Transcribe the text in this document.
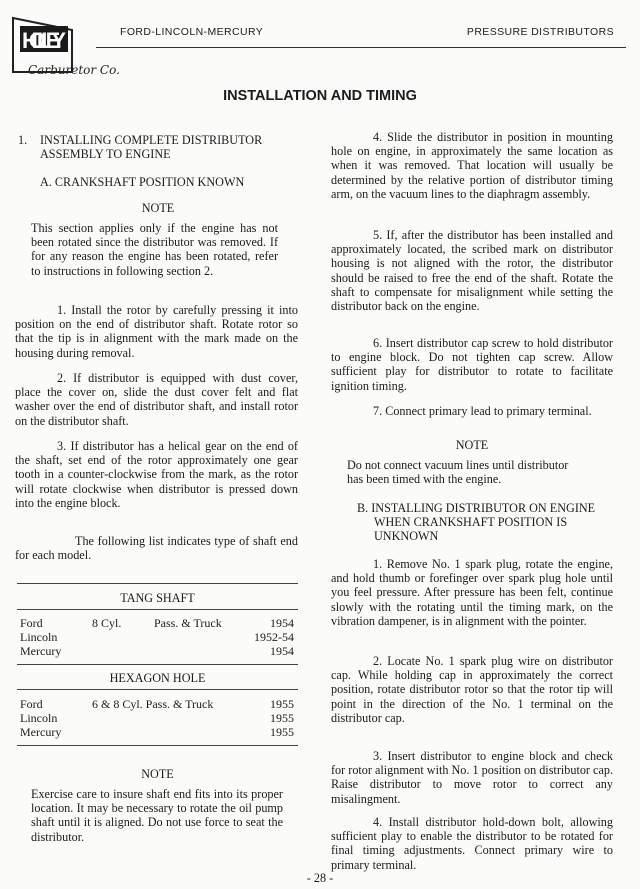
HOLLEY
Carburetor Co.
FORD-LINCOLN-MERCURY	PRESSURE DISTRIBUTORS
INSTALLATION AND TIMING
1. INSTALLING COMPLETE DISTRIBUTOR
ASSEMBLY TO ENGINE
A. CRANKSHAFT POSITION KNOWN
NOTE
This section applies only if the engine has not been rotated since the distributor was removed. If for any reason the engine has been rotated, refer to instructions in following section 2.
1. Install the rotor by carefully pressing it into position on the end of distributor shaft. Rotate rotor so that the tip is in alignment with the mark made on the housing during removal.
2. If distributor is equipped with dust cover, place the cover on, slide the dust cover felt and flat washer over the end of distributor shaft, and install rotor on the distributor shaft.
3. If distributor has a helical gear on the end of the shaft, set end of the rotor approximately one gear tooth in a counter-clockwise from the mark, as the rotor will rotate clockwise when distributor is pressed down into the engine block.
The following list indicates type of shaft end for each model.
TANG SHAFT
Ford	8 Cyl.	Pass. & Truck	1954
Lincoln	1952-54
Mercury	1954
HEXAGON HOLE
Ford	6 & 8 Cyl. Pass. & Truck	1955
Lincoln	1955
Mercury	1955
NOTE
Exercise care to insure shaft end fits into its proper location. It may be necessary to rotate the oil pump shaft until it is aligned. Do not use force to seat the distributor.
4. Slide the distributor in position in mounting hole on engine, in approximately the same location as when it was removed. That location will usually be determined by the relative portion of distributor timing arm, on the vacuum lines to the diaphragm assembly.
5. If, after the distributor has been installed and approximately located, the scribed mark on distributor housing is not aligned with the rotor, the distributor should be raised to free the end of the shaft. Rotate the shaft to compensate for misalignment while setting the distributor back on the engine.
6. Insert distributor cap screw to hold distributor to engine block. Do not tighten cap screw. Allow sufficient play for distributor to rotate to facilitate ignition timing.
7. Connect primary lead to primary terminal.
NOTE
Do not connect vacuum lines until distributor has been timed with the engine.
B. INSTALLING DISTRIBUTOR ON ENGINE
WHEN CRANKSHAFT POSITION IS UNKNOWN
1. Remove No. 1 spark plug, rotate the engine, and hold thumb or forefinger over spark plug hole until you feel pressure. After pressure has been felt, continue slowly with the rotating until the timing mark, on the vibration dampener, is in alignment with the pointer.
2. Locate No. 1 spark plug wire on distributor cap. While holding cap in approximately the correct position, rotate distributor rotor so that the rotor tip will point in the direction of the No. 1 terminal on the distributor cap.
3. Insert distributor to engine block and check for rotor alignment with No. 1 position on distributor cap. Raise distributor to move rotor to correct any misalingment.
4. Install distributor hold-down bolt, allowing sufficient play to enable the distributor to be rotated for final timing adjustments. Connect primary wire to primary terminal.
- 28 -
